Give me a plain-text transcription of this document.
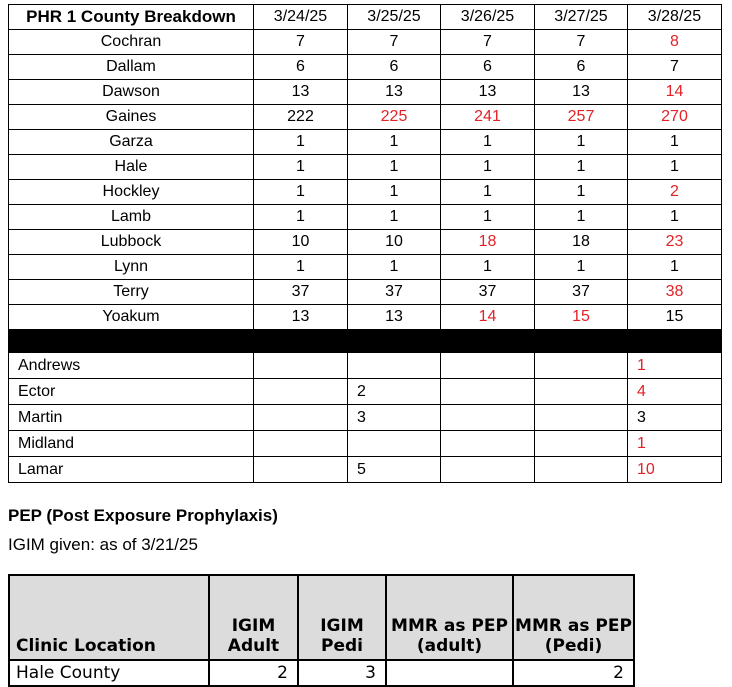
PHR 1 County Breakdown	3/24/25	3/25/25	3/26/25	3/27/25	3/28/25
Cochran	7	7	7	7	8
Dallam	6	6	6	6	7
Dawson	13	13	13	13	14
Gaines	222	225	241	257	270
Garza	1	1	1	1	1
Hale	1	1	1	1	1
Hockley	1	1	1	1	2
Lamb	1	1	1	1	1
Lubbock	10	10	18	18	23
Lynn	1	1	1	1	1
Terry	37	37	37	37	38
Yoakum	13	13	14	15	15

Andrews					1
Ector		2			4
Martin		3			3
Midland					1
Lamar		5			10
PEP (Post Exposure Prophylaxis)
IGIM given: as of 3/21/25
Clinic Location	IGIM Adult	IGIM Pedi	MMR as PEP (adult)	MMR as PEP (Pedi)
Hale County	2	3		2
